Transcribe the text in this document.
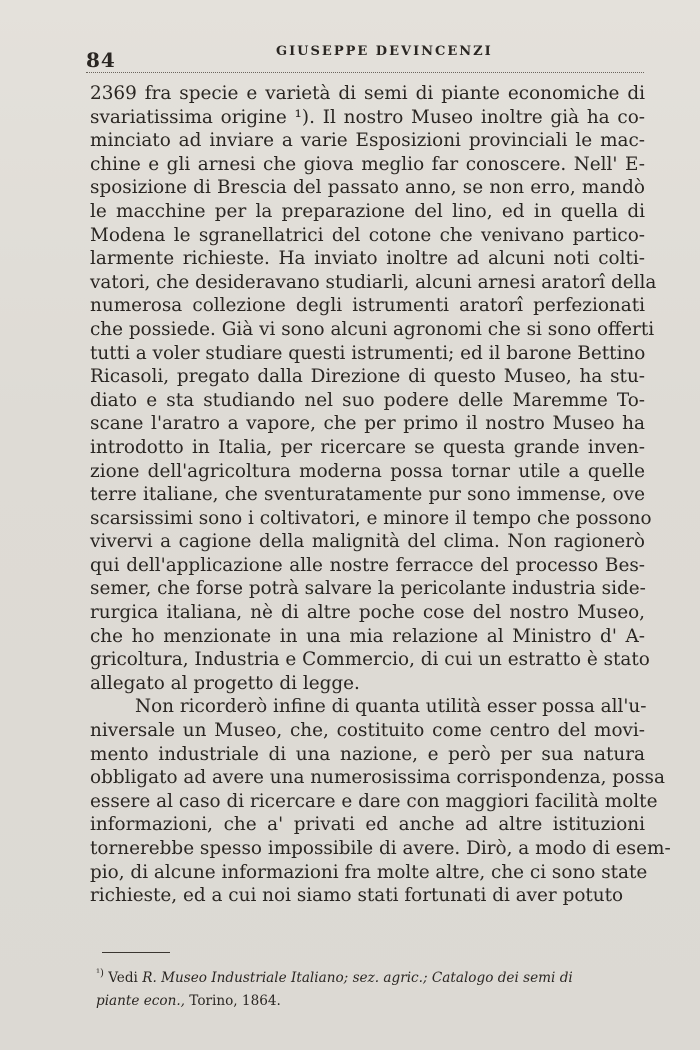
84	GIUSEPPE DEVINCENZI
2369 fra specie e varietà di semi di piante economiche di
svariatissima origine ¹). Il nostro Museo inoltre già ha co-
minciato ad inviare a varie Esposizioni provinciali le mac-
chine e gli arnesi che giova meglio far conoscere. Nell' E-
sposizione di Brescia del passato anno, se non erro, mandò
le macchine per la preparazione del lino, ed in quella di
Modena le sgranellatrici del cotone che venivano partico-
larmente richieste. Ha inviato inoltre ad alcuni noti colti-
vatori, che desideravano studiarli, alcuni arnesi aratorî della
numerosa collezione degli istrumenti aratorî perfezionati
che possiede. Già vi sono alcuni agronomi che si sono offerti
tutti a voler studiare questi istrumenti; ed il barone Bettino
Ricasoli, pregato dalla Direzione di questo Museo, ha stu-
diato e sta studiando nel suo podere delle Maremme To-
scane l'aratro a vapore, che per primo il nostro Museo ha
introdotto in Italia, per ricercare se questa grande inven-
zione dell'agricoltura moderna possa tornar utile a quelle
terre italiane, che sventuratamente pur sono immense, ove
scarsissimi sono i coltivatori, e minore il tempo che possono
vivervi a cagione della malignità del clima. Non ragionerò
qui dell'applicazione alle nostre ferracce del processo Bes-
semer, che forse potrà salvare la pericolante industria side-
rurgica italiana, nè di altre poche cose del nostro Museo,
che ho menzionate in una mia relazione al Ministro d' A-
gricoltura, Industria e Commercio, di cui un estratto è stato
allegato al progetto di legge.
Non ricorderò infine di quanta utilità esser possa all'u-
niversale un Museo, che, costituito come centro del movi-
mento industriale di una nazione, e però per sua natura
obbligato ad avere una numerosissima corrispondenza, possa
essere al caso di ricercare e dare con maggiori facilità molte
informazioni, che a' privati ed anche ad altre istituzioni
tornerebbe spesso impossibile di avere. Dirò, a modo di esem-
pio, di alcune informazioni fra molte altre, che ci sono state
richieste, ed a cui noi siamo stati fortunati di aver potuto
$^{^1)}$ Vedi R. Museo Industriale Italiano; sez. agric.; Catalogo dei semi di
piante econ., Torino, 1864.
